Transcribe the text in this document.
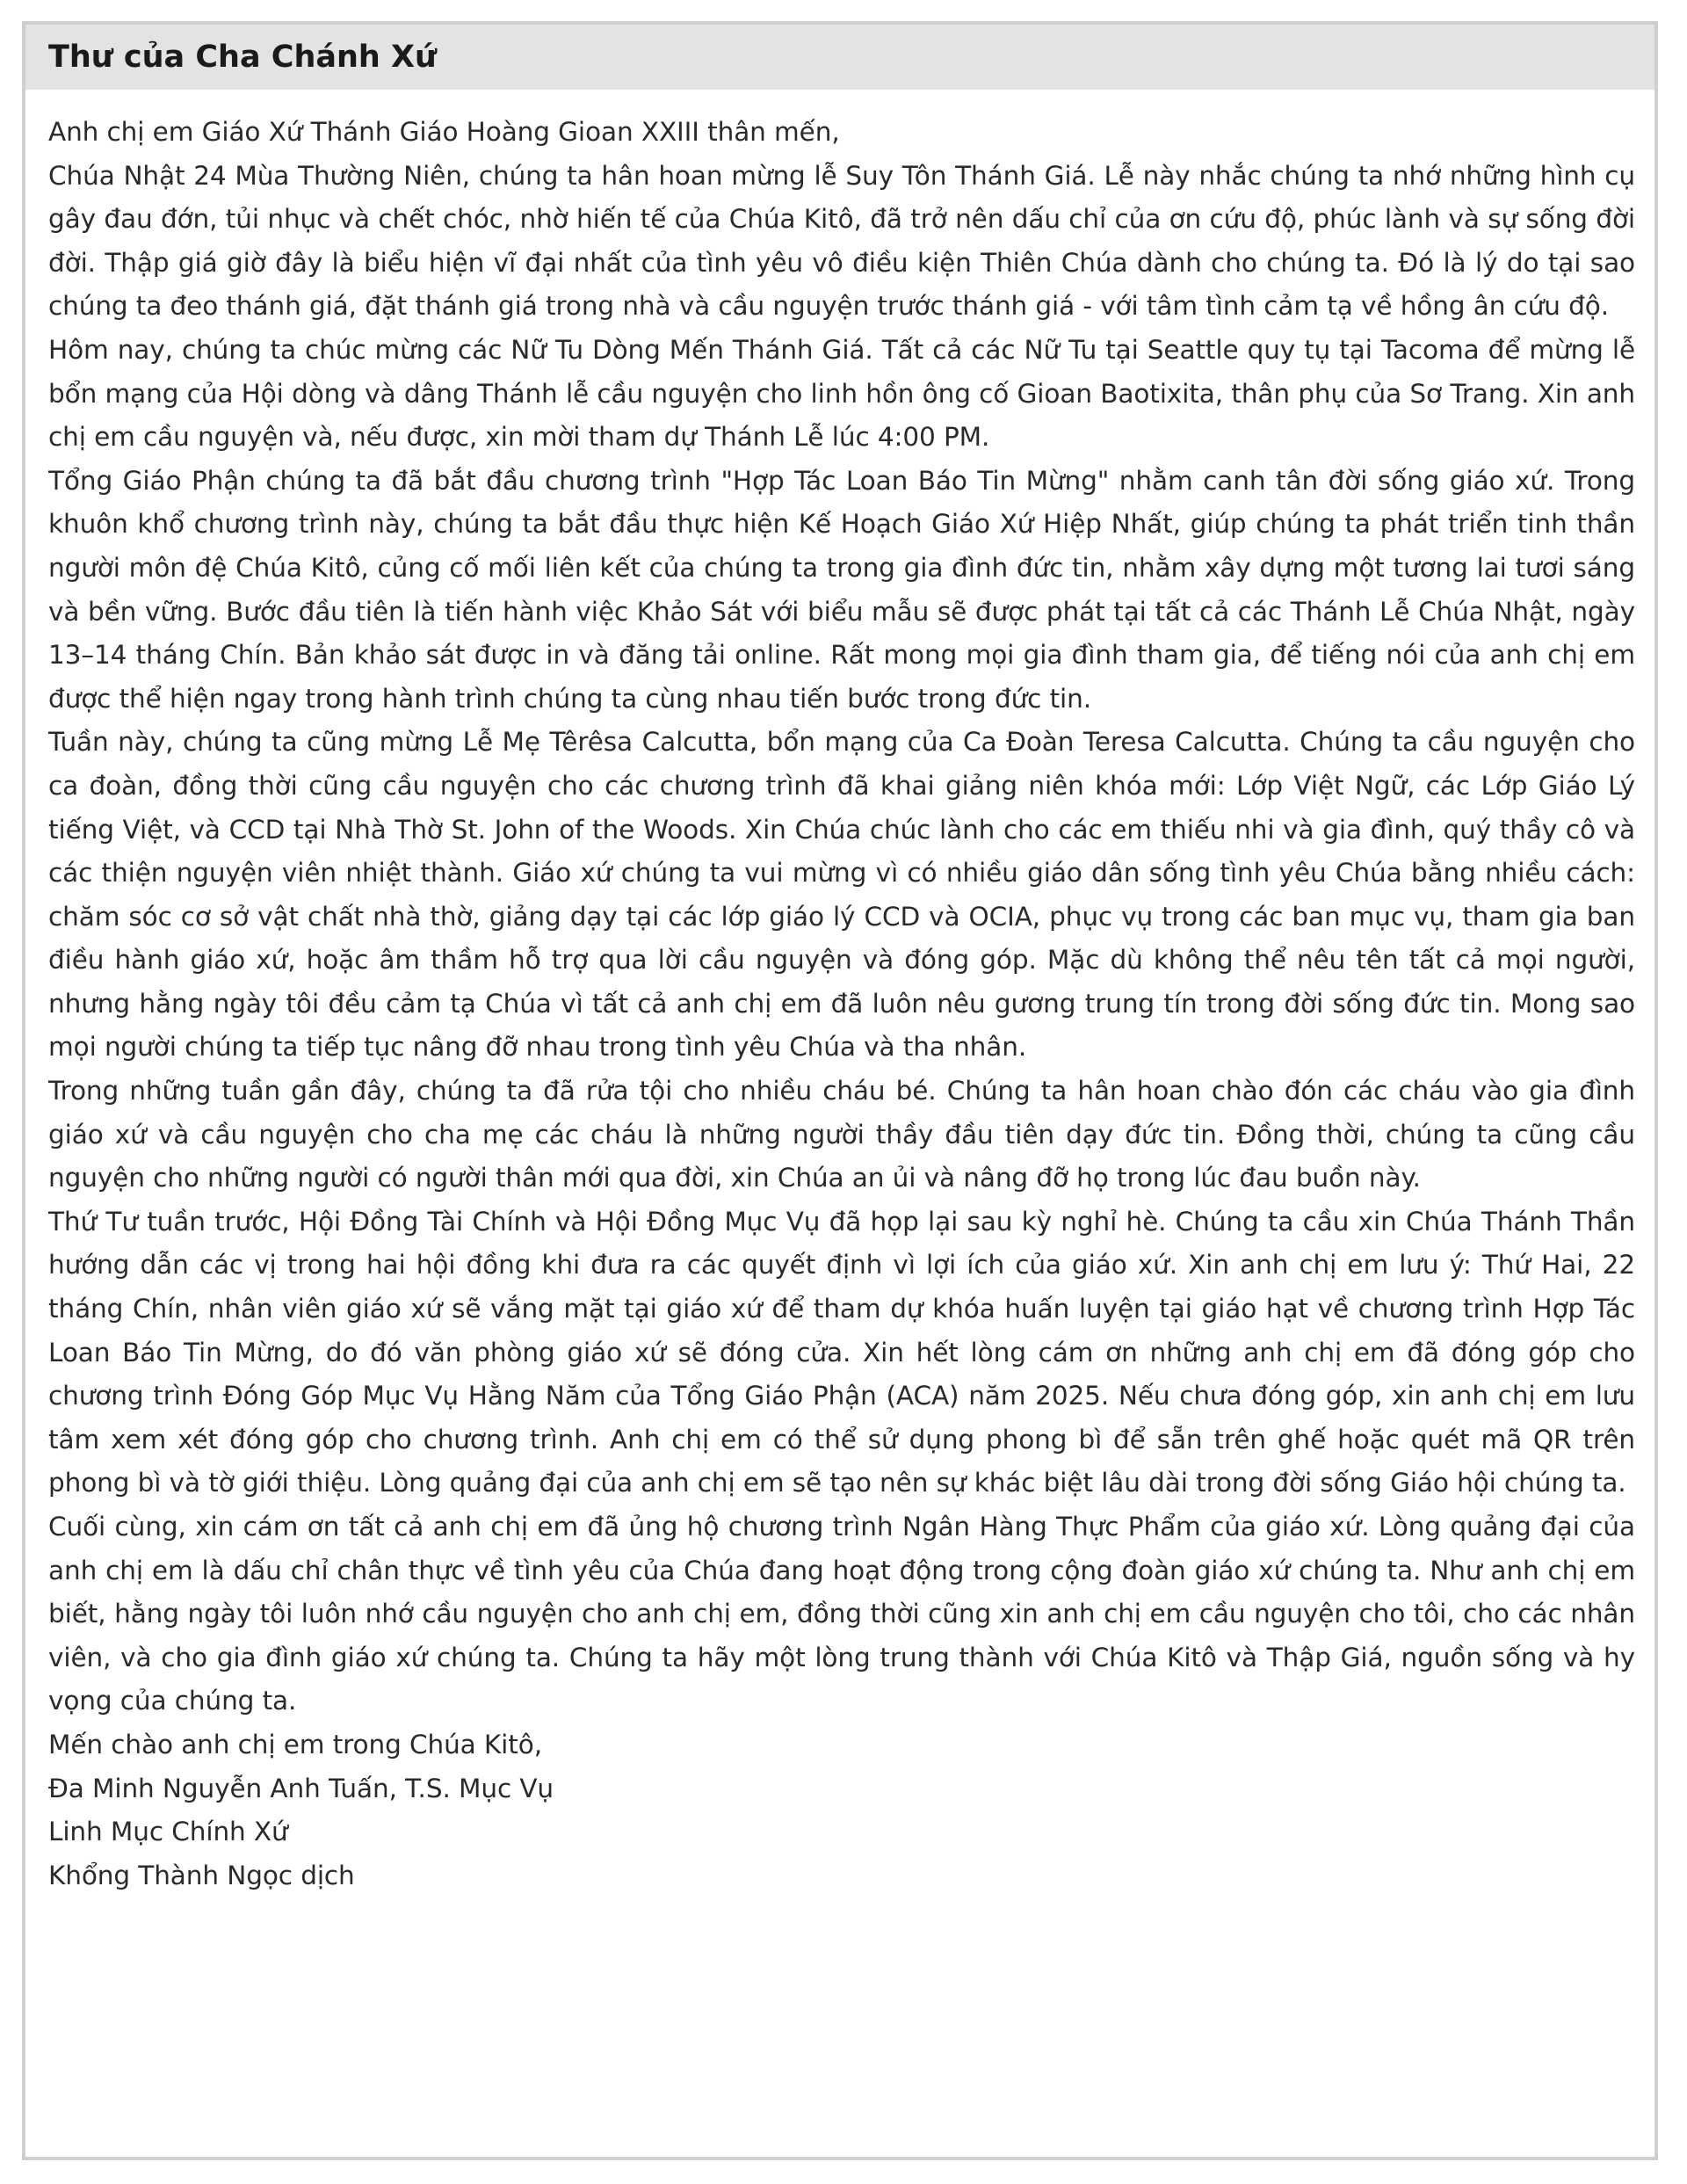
Thư của Cha Chánh Xứ

Anh chị em Giáo Xứ Thánh Giáo Hoàng Gioan XXIII thân mến,

Chúa Nhật 24 Mùa Thường Niên, chúng ta hân hoan mừng lễ Suy Tôn Thánh Giá. Lễ này nhắc chúng ta nhớ những hình cụ gây đau đớn, tủi nhục và chết chóc, nhờ hiến tế của Chúa Kitô, đã trở nên dấu chỉ của ơn cứu độ, phúc lành và sự sống đời đời. Thập giá giờ đây là biểu hiện vĩ đại nhất của tình yêu vô điều kiện Thiên Chúa dành cho chúng ta. Đó là lý do tại sao chúng ta đeo thánh giá, đặt thánh giá trong nhà và cầu nguyện trước thánh giá - với tâm tình cảm tạ về hồng ân cứu độ.

Hôm nay, chúng ta chúc mừng các Nữ Tu Dòng Mến Thánh Giá. Tất cả các Nữ Tu tại Seattle quy tụ tại Tacoma để mừng lễ bổn mạng của Hội dòng và dâng Thánh lễ cầu nguyện cho linh hồn ông cố Gioan Baotixita, thân phụ của Sơ Trang. Xin anh chị em cầu nguyện và, nếu được, xin mời tham dự Thánh Lễ lúc 4:00 PM.

Tổng Giáo Phận chúng ta đã bắt đầu chương trình "Hợp Tác Loan Báo Tin Mừng" nhằm canh tân đời sống giáo xứ. Trong khuôn khổ chương trình này, chúng ta bắt đầu thực hiện Kế Hoạch Giáo Xứ Hiệp Nhất, giúp chúng ta phát triển tinh thần người môn đệ Chúa Kitô, củng cố mối liên kết của chúng ta trong gia đình đức tin, nhằm xây dựng một tương lai tươi sáng và bền vững. Bước đầu tiên là tiến hành việc Khảo Sát với biểu mẫu sẽ được phát tại tất cả các Thánh Lễ Chúa Nhật, ngày 13–14 tháng Chín. Bản khảo sát được in và đăng tải online. Rất mong mọi gia đình tham gia, để tiếng nói của anh chị em được thể hiện ngay trong hành trình chúng ta cùng nhau tiến bước trong đức tin.

Tuần này, chúng ta cũng mừng Lễ Mẹ Têrêsa Calcutta, bổn mạng của Ca Đoàn Teresa Calcutta. Chúng ta cầu nguyện cho ca đoàn, đồng thời cũng cầu nguyện cho các chương trình đã khai giảng niên khóa mới: Lớp Việt Ngữ, các Lớp Giáo Lý tiếng Việt, và CCD tại Nhà Thờ St. John of the Woods. Xin Chúa chúc lành cho các em thiếu nhi và gia đình, quý thầy cô và các thiện nguyện viên nhiệt thành. Giáo xứ chúng ta vui mừng vì có nhiều giáo dân sống tình yêu Chúa bằng nhiều cách: chăm sóc cơ sở vật chất nhà thờ, giảng dạy tại các lớp giáo lý CCD và OCIA, phục vụ trong các ban mục vụ, tham gia ban điều hành giáo xứ, hoặc âm thầm hỗ trợ qua lời cầu nguyện và đóng góp. Mặc dù không thể nêu tên tất cả mọi người, nhưng hằng ngày tôi đều cảm tạ Chúa vì tất cả anh chị em đã luôn nêu gương trung tín trong đời sống đức tin. Mong sao mọi người chúng ta tiếp tục nâng đỡ nhau trong tình yêu Chúa và tha nhân.

Trong những tuần gần đây, chúng ta đã rửa tội cho nhiều cháu bé. Chúng ta hân hoan chào đón các cháu vào gia đình giáo xứ và cầu nguyện cho cha mẹ các cháu là những người thầy đầu tiên dạy đức tin. Đồng thời, chúng ta cũng cầu nguyện cho những người có người thân mới qua đời, xin Chúa an ủi và nâng đỡ họ trong lúc đau buồn này.

Thứ Tư tuần trước, Hội Đồng Tài Chính và Hội Đồng Mục Vụ đã họp lại sau kỳ nghỉ hè. Chúng ta cầu xin Chúa Thánh Thần hướng dẫn các vị trong hai hội đồng khi đưa ra các quyết định vì lợi ích của giáo xứ. Xin anh chị em lưu ý: Thứ Hai, 22 tháng Chín, nhân viên giáo xứ sẽ vắng mặt tại giáo xứ để tham dự khóa huấn luyện tại giáo hạt về chương trình Hợp Tác Loan Báo Tin Mừng, do đó văn phòng giáo xứ sẽ đóng cửa. Xin hết lòng cám ơn những anh chị em đã đóng góp cho chương trình Đóng Góp Mục Vụ Hằng Năm của Tổng Giáo Phận (ACA) năm 2025. Nếu chưa đóng góp, xin anh chị em lưu tâm xem xét đóng góp cho chương trình. Anh chị em có thể sử dụng phong bì để sẵn trên ghế hoặc quét mã QR trên phong bì và tờ giới thiệu. Lòng quảng đại của anh chị em sẽ tạo nên sự khác biệt lâu dài trong đời sống Giáo hội chúng ta.

Cuối cùng, xin cám ơn tất cả anh chị em đã ủng hộ chương trình Ngân Hàng Thực Phẩm của giáo xứ. Lòng quảng đại của anh chị em là dấu chỉ chân thực về tình yêu của Chúa đang hoạt động trong cộng đoàn giáo xứ chúng ta. Như anh chị em biết, hằng ngày tôi luôn nhớ cầu nguyện cho anh chị em, đồng thời cũng xin anh chị em cầu nguyện cho tôi, cho các nhân viên, và cho gia đình giáo xứ chúng ta. Chúng ta hãy một lòng trung thành với Chúa Kitô và Thập Giá, nguồn sống và hy vọng của chúng ta.

Mến chào anh chị em trong Chúa Kitô,

Đa Minh Nguyễn Anh Tuấn, T.S. Mục Vụ

Linh Mục Chính Xứ

Khổng Thành Ngọc dịch
